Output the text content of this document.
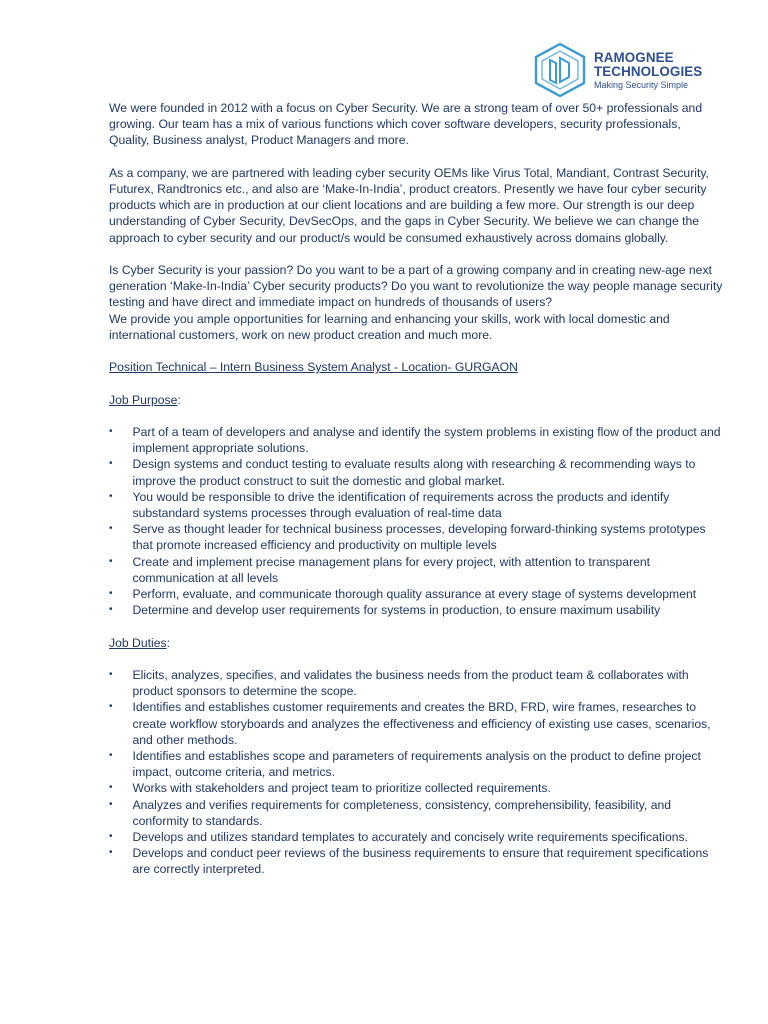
RAMOGNEE
TECHNOLOGIES
Making Security Simple

We were founded in 2012 with a focus on Cyber Security. We are a strong team of over 50+ professionals and growing. Our team has a mix of various functions which cover software developers, security professionals, Quality, Business analyst, Product Managers and more.

As a company, we are partnered with leading cyber security OEMs like Virus Total, Mandiant, Contrast Security, Futurex, Randtronics etc., and also are ‘Make-In-India’, product creators. Presently we have four cyber security products which are in production at our client locations and are building a few more. Our strength is our deep understanding of Cyber Security, DevSecOps, and the gaps in Cyber Security. We believe we can change the approach to cyber security and our product/s would be consumed exhaustively across domains globally.

Is Cyber Security is your passion? Do you want to be a part of a growing company and in creating new-age next generation ‘Make-In-India’ Cyber security products? Do you want to revolutionize the way people manage security testing and have direct and immediate impact on hundreds of thousands of users?

We provide you ample opportunities for learning and enhancing your skills, work with local domestic and international customers, work on new product creation and much more.

Position Technical – Intern Business System Analyst - Location- GURGAON

Job Purpose:

•	Part of a team of developers and analyse and identify the system problems in existing flow of the product and implement appropriate solutions.
•	Design systems and conduct testing to evaluate results along with researching & recommending ways to improve the product construct to suit the domestic and global market.
•	You would be responsible to drive the identification of requirements across the products and identify substandard systems processes through evaluation of real-time data
•	Serve as thought leader for technical business processes, developing forward-thinking systems prototypes that promote increased efficiency and productivity on multiple levels
•	Create and implement precise management plans for every project, with attention to transparent communication at all levels
•	Perform, evaluate, and communicate thorough quality assurance at every stage of systems development
•	Determine and develop user requirements for systems in production, to ensure maximum usability

Job Duties:

•	Elicits, analyzes, specifies, and validates the business needs from the product team & collaborates with product sponsors to determine the scope.
•	Identifies and establishes customer requirements and creates the BRD, FRD, wire frames, researches to create workflow storyboards and analyzes the effectiveness and efficiency of existing use cases, scenarios, and other methods.
•	Identifies and establishes scope and parameters of requirements analysis on the product to define project impact, outcome criteria, and metrics.
•	Works with stakeholders and project team to prioritize collected requirements.
•	Analyzes and verifies requirements for completeness, consistency, comprehensibility, feasibility, and conformity to standards.
•	Develops and utilizes standard templates to accurately and concisely write requirements specifications.
•	Develops and conduct peer reviews of the business requirements to ensure that requirement specifications are correctly interpreted.
